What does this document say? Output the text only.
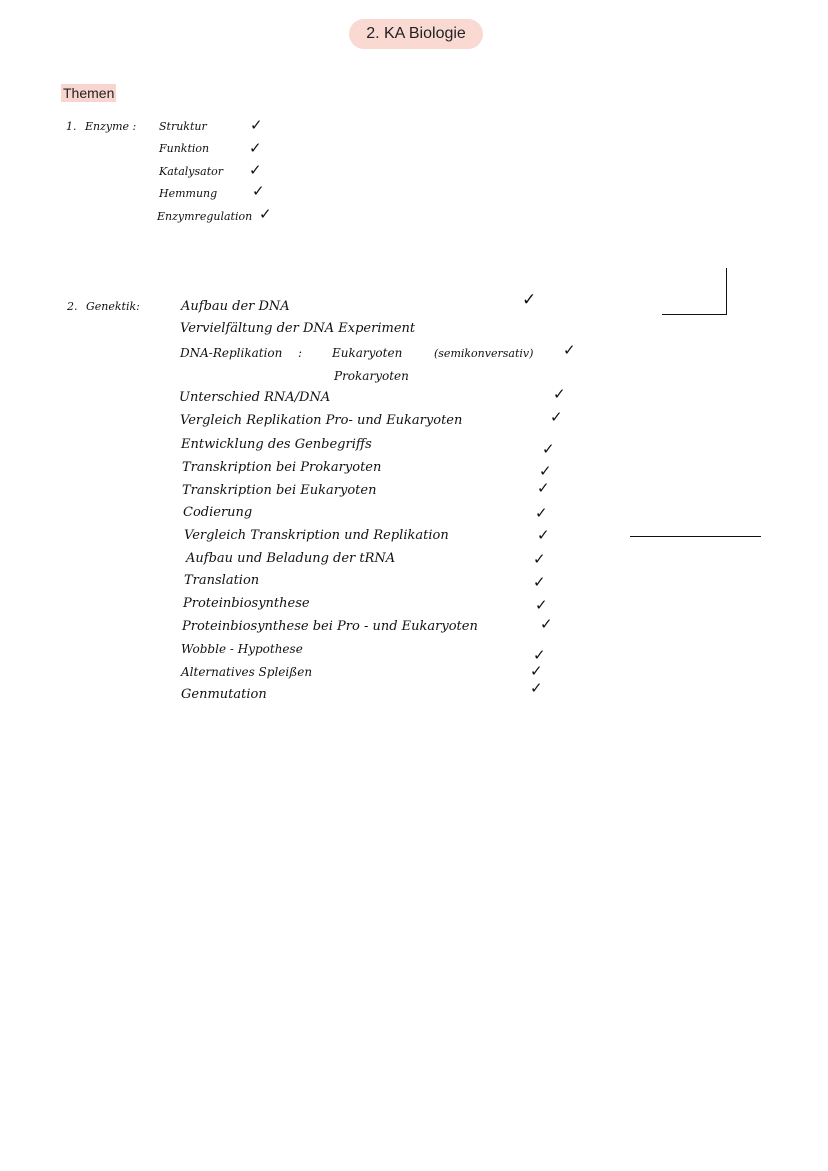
2. KA Biologie
Themen
1. Enzyme : Struktur	✓
Funktion	✓
Katalysator ✓
Hemmung ✓
Enzymregulation ✓
2. Genektik:	Aufbau der DNA	✓
Vervielfältung der DNA Experiment
DNA-Replikation : Eukaryoten	(semikonversativ) ✓
Prokaryoten
Unterschied RNA/DNA	✓
Vergleich Replikation Pro- und Eukaryoten	✓
Entwicklung des Genbegriffs	✓
Transkription bei Prokaryoten	✓
Transkription bei Eukaryoten	✓
Codierung	✓
Vergleich Transkription und Replikation	✓
Aufbau und Beladung der tRNA	✓
Translation	✓
Proteinbiosynthese	✓
Proteinbiosynthese bei Pro - und Eukaryoten	✓
Wobble - Hypothese	✓
Alternatives Spleißen	✓
Genmutation	✓
